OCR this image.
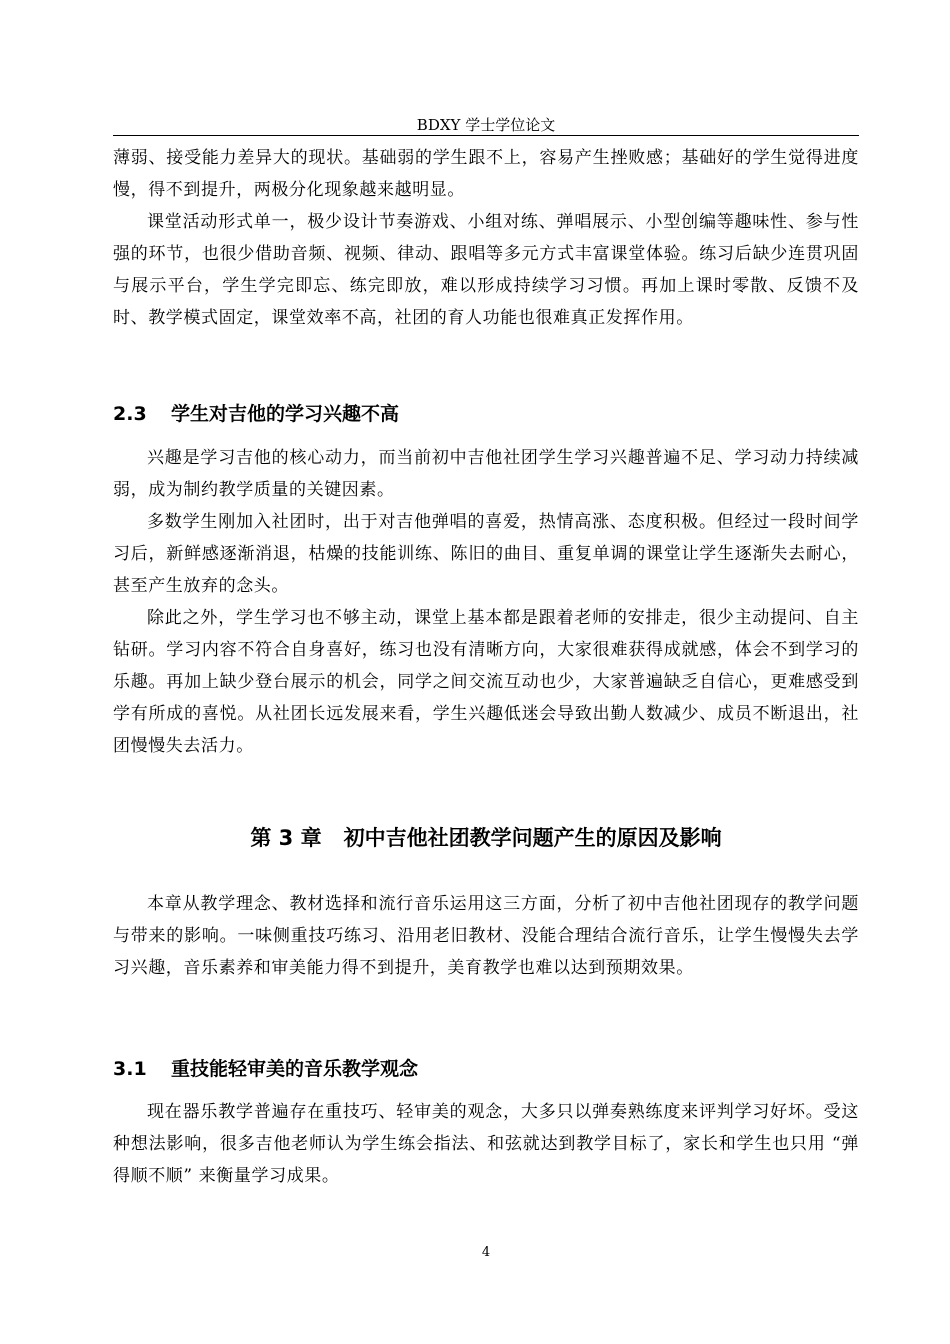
BDXY 学士学位论文

薄弱、接受能力差异大的现状。基础弱的学生跟不上，容易产生挫败感；基础好的学生觉得进度慢，得不到提升，两极分化现象越来越明显。

课堂活动形式单一，极少设计节奏游戏、小组对练、弹唱展示、小型创编等趣味性、参与性强的环节，也很少借助音频、视频、律动、跟唱等多元方式丰富课堂体验。练习后缺少连贯巩固与展示平台，学生学完即忘、练完即放，难以形成持续学习习惯。再加上课时零散、反馈不及时、教学模式固定，课堂效率不高，社团的育人功能也很难真正发挥作用。

2.3 学生对吉他的学习兴趣不高

兴趣是学习吉他的核心动力，而当前初中吉他社团学生学习兴趣普遍不足、学习动力持续减弱，成为制约教学质量的关键因素。

多数学生刚加入社团时，出于对吉他弹唱的喜爱，热情高涨、态度积极。但经过一段时间学习后，新鲜感逐渐消退，枯燥的技能训练、陈旧的曲目、重复单调的课堂让学生逐渐失去耐心，甚至产生放弃的念头。

除此之外，学生学习也不够主动，课堂上基本都是跟着老师的安排走，很少主动提问、自主钻研。学习内容不符合自身喜好，练习也没有清晰方向，大家很难获得成就感，体会不到学习的乐趣。再加上缺少登台展示的机会，同学之间交流互动也少，大家普遍缺乏自信心，更难感受到学有所成的喜悦。从社团长远发展来看，学生兴趣低迷会导致出勤人数减少、成员不断退出，社团慢慢失去活力。

第 3 章 初中吉他社团教学问题产生的原因及影响

本章从教学理念、教材选择和流行音乐运用这三方面，分析了初中吉他社团现存的教学问题与带来的影响。一味侧重技巧练习、沿用老旧教材、没能合理结合流行音乐，让学生慢慢失去学习兴趣，音乐素养和审美能力得不到提升，美育教学也难以达到预期效果。

3.1 重技能轻审美的音乐教学观念

现在器乐教学普遍存在重技巧、轻审美的观念，大多只以弹奏熟练度来评判学习好坏。受这种想法影响，很多吉他老师认为学生练会指法、和弦就达到教学目标了，家长和学生也只用 “弹得顺不顺” 来衡量学习成果。

4
